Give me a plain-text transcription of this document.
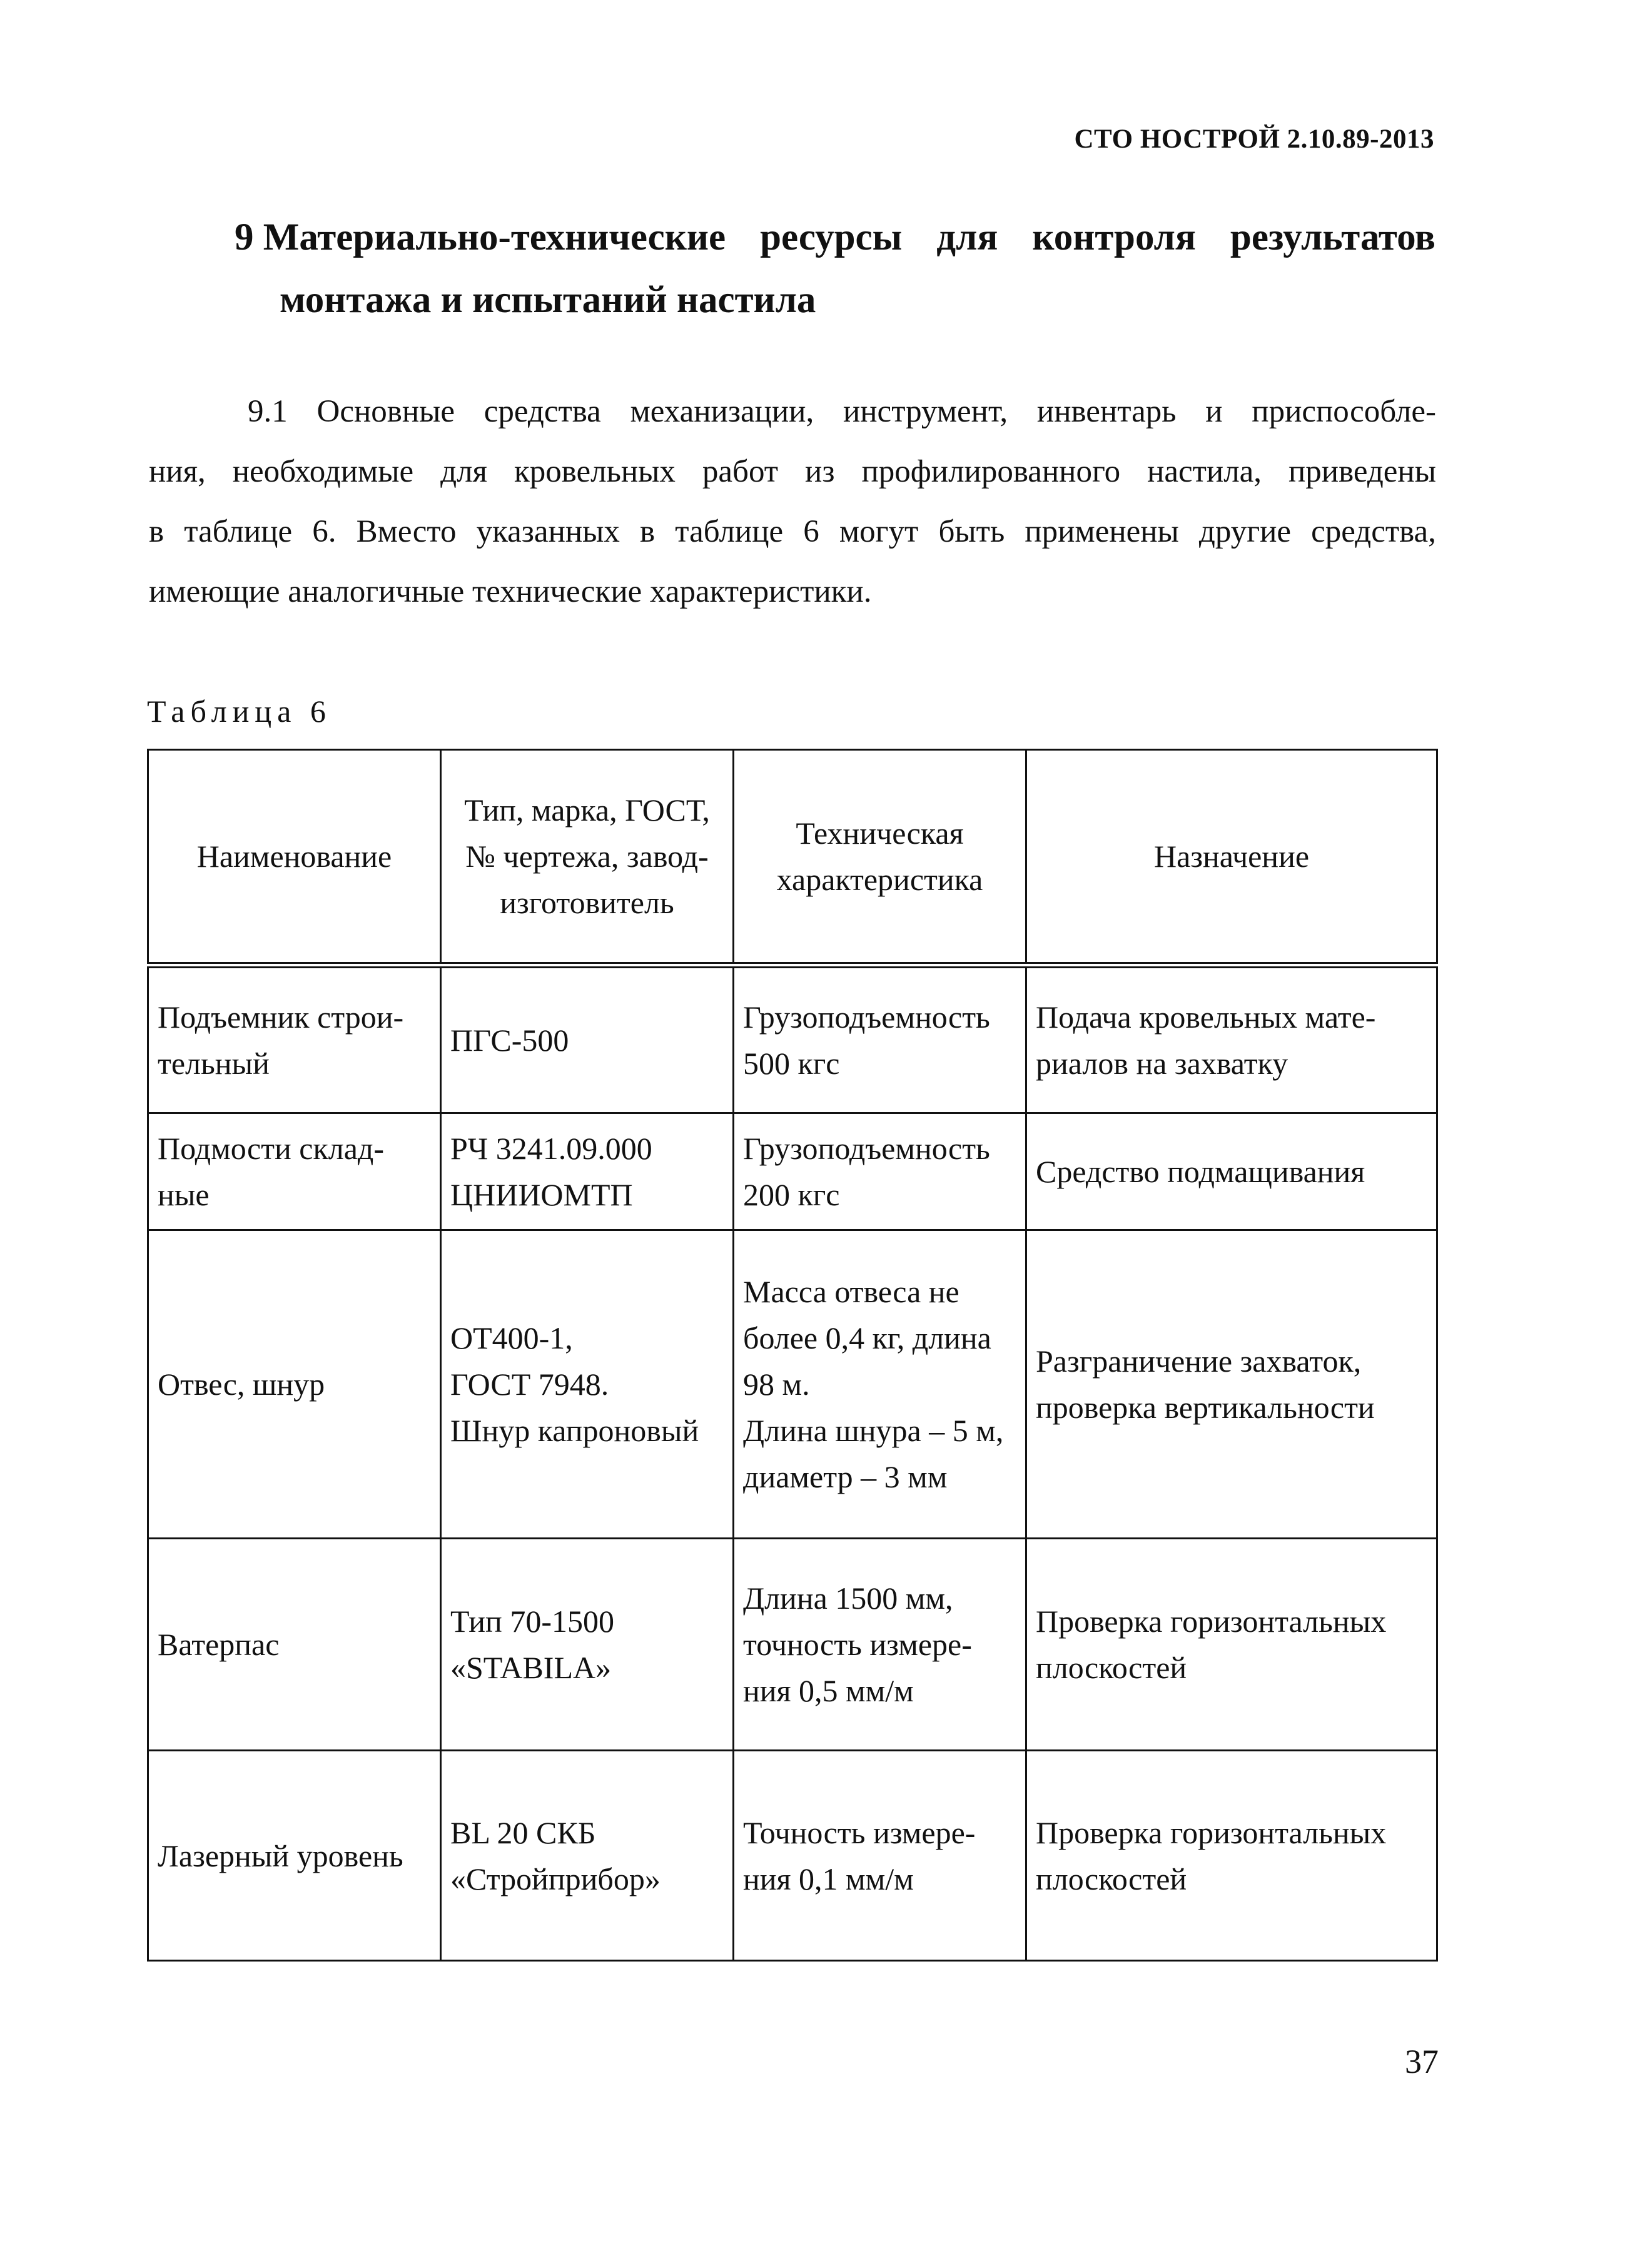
СТО НОСТРОЙ 2.10.89-2013
9 Материально-технические ресурсы для контроля результатов
монтажа и испытаний настила
9.1 Основные средства механизации, инструмент, инвентарь и приспособле-
ния, необходимые для кровельных работ из профилированного настила, приведены
в таблице 6. Вместо указанных в таблице 6 могут быть применены другие средства,
имеющие аналогичные технические характеристики.
Таблица 6
Наименование	Тип, марка, ГОСТ,
№ чертежа, завод-
изготовитель	Техническая
характеристика	Назначение

Подъемник строи-
тельный	ПГС-500	Грузоподъемность
500 кгс	Подача кровельных мате-
риалов на захватку

Подмости склад-
ные	РЧ 3241.09.000
ЦНИИОМТП	Грузоподъемность
200 кгс	Средство подмащивания

Отвес, шнур	ОТ400-1,
ГОСТ 7948.
Шнур капроновый	Масса отвеса не
более 0,4 кг, длина
98 м.
Длина шнура – 5 м,
диаметр – 3 мм	Разграничение захваток,
проверка вертикальности

Ватерпас	Тип 70-1500
«STABILA»	Длина 1500 мм,
точность измере-
ния 0,5 мм/м	Проверка горизонтальных
плоскостей

Лазерный уровень	BL 20 СКБ
«Стройприбор»	Точность измере-
ния 0,1 мм/м	Проверка горизонтальных
плоскостей
37
